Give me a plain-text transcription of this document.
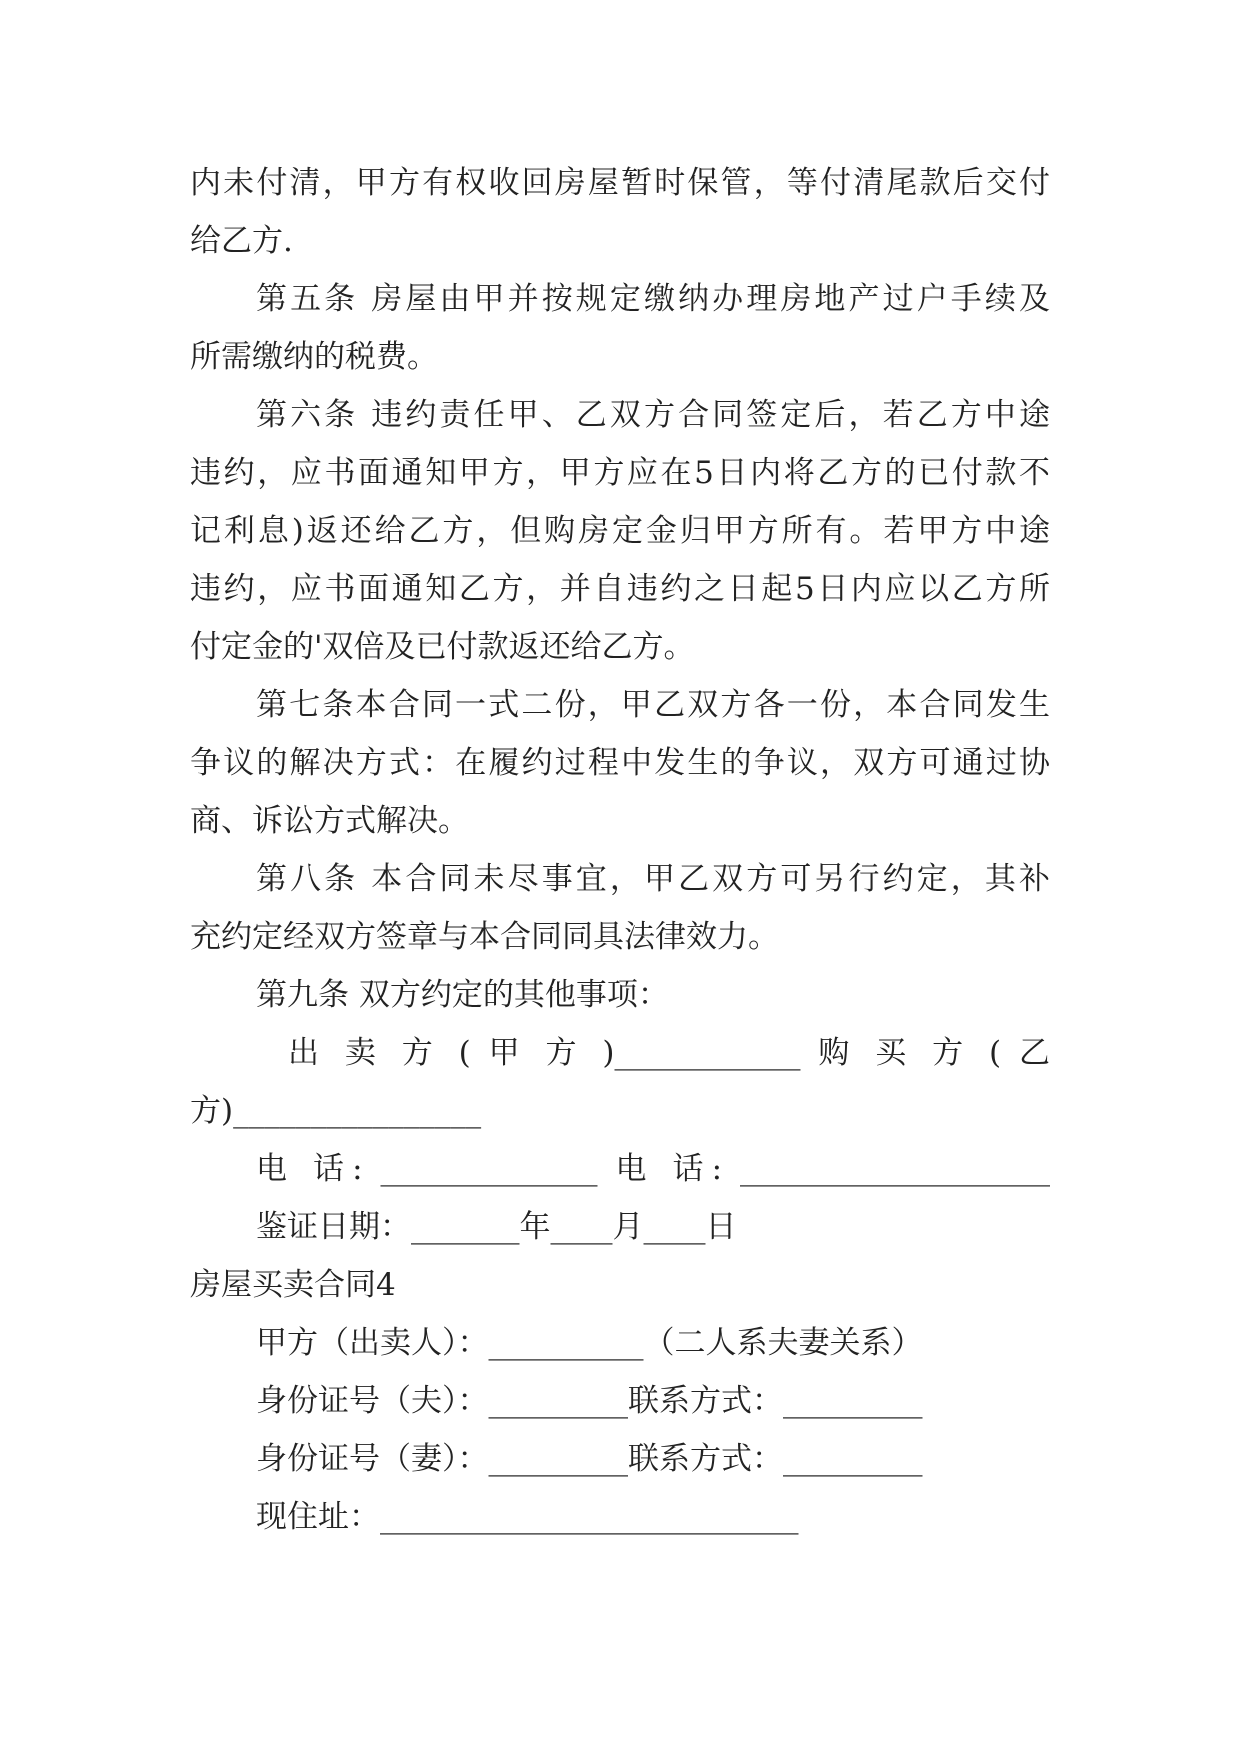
内未付清，甲方有权收回房屋暂时保管，等付清尾款后交付
给乙方.
第五条 房屋由甲并按规定缴纳办理房地产过户手续及
所需缴纳的税费。
第六条 违约责任甲、乙双方合同签定后，若乙方中途
违约，应书面通知甲方，甲方应在5日内将乙方的已付款不
记利息)返还给乙方，但购房定金归甲方所有。若甲方中途
违约，应书面通知乙方，并自违约之日起5日内应以乙方所
付定金的'双倍及已付款返还给乙方。
第七条本合同一式二份，甲乙双方各一份，本合同发生
争议的解决方式：在履约过程中发生的争议，双方可通过协
商、诉讼方式解决。
第八条 本合同未尽事宜，甲乙双方可另行约定，其补
充约定经双方签章与本合同同具法律效力。
第九条 双方约定的其他事项：
出 卖 方 ( 甲 方 )____________ 购 买 方 ( 乙
方)________________
电 话: ______________ 电 话: ____________________
鉴证日期：_______年____月____日
房屋买卖合同4
甲方（出卖人）：__________（二人系夫妻关系）
身份证号（夫）：_________联系方式：_________
身份证号（妻）：_________联系方式：_________
现住址：___________________________
